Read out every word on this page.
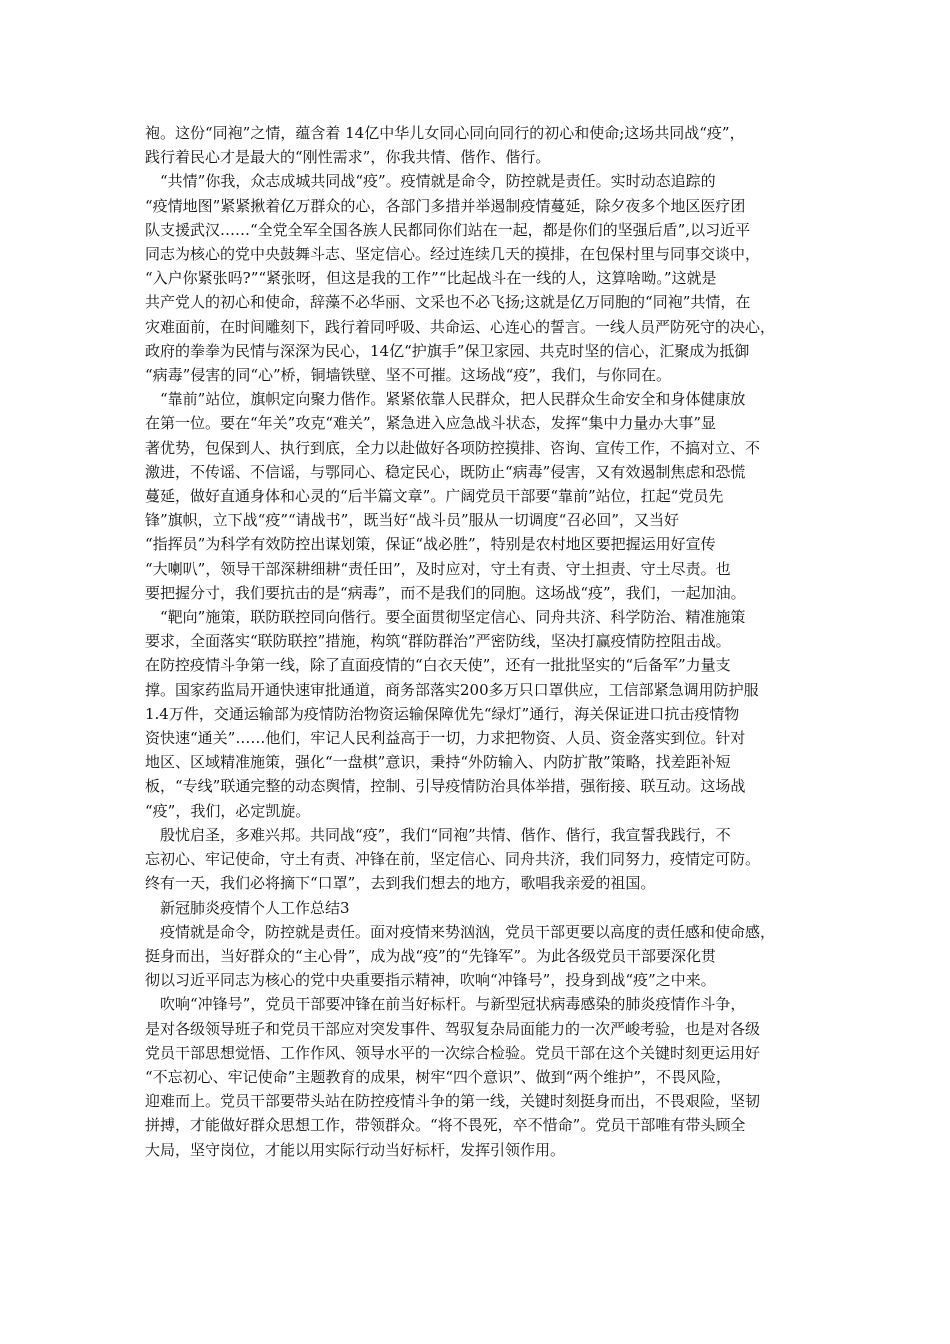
袍。这份“同袍”之情，蕴含着 14亿中华儿女同心同向同行的初心和使命;这场共同战“疫”，
践行着民心才是最大的“刚性需求”，你我共情、偕作、偕行。
“共情”你我，众志成城共同战“疫”。疫情就是命令，防控就是责任。实时动态追踪的
“疫情地图”紧紧揪着亿万群众的心，各部门多措并举遏制疫情蔓延，除夕夜多个地区医疗团
队支援武汉……“全党全军全国各族人民都同你们站在一起，都是你们的坚强后盾”,以习近平
同志为核心的党中央鼓舞斗志、坚定信心。经过连续几天的摸排，在包保村里与同事交谈中，
“入户你紧张吗?”“紧张呀，但这是我的工作”“比起战斗在一线的人，这算啥呦。”这就是
共产党人的初心和使命，辞藻不必华丽、文采也不必飞扬;这就是亿万同胞的“同袍”共情，在
灾难面前，在时间雕刻下，践行着同呼吸、共命运、心连心的誓言。一线人员严防死守的决心，
政府的拳拳为民情与深深为民心，14亿“护旗手”保卫家园、共克时坚的信心，汇聚成为抵御
“病毒”侵害的同“心”桥，铜墙铁壁、坚不可摧。这场战“疫”，我们，与你同在。
“靠前”站位，旗帜定向聚力偕作。紧紧依靠人民群众，把人民群众生命安全和身体健康放
在第一位。要在“年关”攻克“难关”，紧急进入应急战斗状态，发挥“集中力量办大事”显
著优势，包保到人、执行到底，全力以赴做好各项防控摸排、咨询、宣传工作，不搞对立、不
激进，不传谣、不信谣，与鄂同心、稳定民心，既防止“病毒”侵害，又有效遏制焦虑和恐慌
蔓延，做好直通身体和心灵的“后半篇文章”。广阔党员干部要“靠前”站位，扛起“党员先
锋”旗帜，立下战“疫”“请战书”，既当好“战斗员”服从一切调度“召必回”，又当好
“指挥员”为科学有效防控出谋划策，保证“战必胜”，特别是农村地区要把握运用好宣传
“大喇叭”，领导干部深耕细耕“责任田”，及时应对，守土有责、守土担责、守土尽责。也
要把握分寸，我们要抗击的是“病毒”，而不是我们的同胞。这场战“疫”，我们，一起加油。
“靶向”施策，联防联控同向偕行。要全面贯彻坚定信心、同舟共济、科学防治、精准施策
要求，全面落实“联防联控”措施，构筑“群防群治”严密防线，坚决打赢疫情防控阻击战。
在防控疫情斗争第一线，除了直面疫情的“白衣天使”，还有一批批坚实的“后备军”力量支
撑。国家药监局开通快速审批通道，商务部落实200多万只口罩供应，工信部紧急调用防护服
1.4万件，交通运输部为疫情防治物资运输保障优先“绿灯”通行，海关保证进口抗击疫情物
资快速“通关”……他们，牢记人民利益高于一切，力求把物资、人员、资金落实到位。针对
地区、区域精准施策，强化“一盘棋”意识，秉持“外防输入、内防扩散”策略，找差距补短
板，“专线”联通完整的动态舆情，控制、引导疫情防治具体举措，强衔接、联互动。这场战
“疫”，我们，必定凯旋。
殷忧启圣，多难兴邦。共同战“疫”，我们“同袍”共情、偕作、偕行，我宣誓我践行，不
忘初心、牢记使命，守土有责、冲锋在前，坚定信心、同舟共济，我们同努力，疫情定可防。
终有一天，我们必将摘下“口罩”，去到我们想去的地方，歌唱我亲爱的祖国。
新冠肺炎疫情个人工作总结3
疫情就是命令，防控就是责任。面对疫情来势汹汹，党员干部更要以高度的责任感和使命感，
挺身而出，当好群众的“主心骨”，成为战“疫”的“先锋军”。为此各级党员干部要深化贯
彻以习近平同志为核心的党中央重要指示精神，吹响“冲锋号”，投身到战“疫”之中来。
吹响“冲锋号”，党员干部要冲锋在前当好标杆。与新型冠状病毒感染的肺炎疫情作斗争，
是对各级领导班子和党员干部应对突发事件、驾驭复杂局面能力的一次严峻考验，也是对各级
党员干部思想觉悟、工作作风、领导水平的一次综合检验。党员干部在这个关键时刻更运用好
“不忘初心、牢记使命”主题教育的成果，树牢“四个意识”、做到“两个维护”，不畏风险，
迎难而上。党员干部要带头站在防控疫情斗争的第一线，关键时刻挺身而出，不畏艰险，坚韧
拼搏，才能做好群众思想工作，带领群众。“将不畏死，卒不惜命”。党员干部唯有带头顾全
大局，坚守岗位，才能以用实际行动当好标杆，发挥引领作用。
